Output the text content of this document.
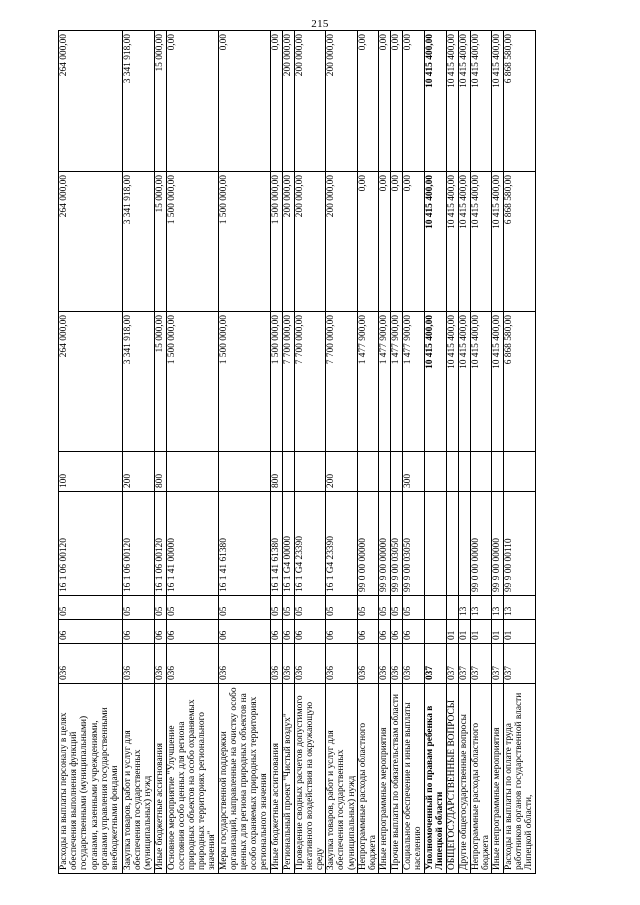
215
Расходы на выплаты персоналу в целях обеспечения выполнения функций государственными (муниципальными) органами, казенными учреждениями, органами управления государственными внебюджетными фондами	036	06	05	16 1 06 00120	100	264 000,00	264 000,00	264 000,00
Закупка товаров, работ и услуг для обеспечения государственных (муниципальных) нужд	036	06	05	16 1 06 00120	200	3 341 918,00	3 341 918,00	3 341 918,00
Иные бюджетные ассигнования	036	06	05	16 1 06 00120	800	15 000,00	15 000,00	15 000,00
Основное мероприятие "Улучшение состояния особо ценных для региона природных объектов на особо охраняемых природных территориях регионального значения"	036	06	05	16 1 41 00000		1 500 000,00	1 500 000,00	0,00
Меры государственной поддержки организаций, направленные на очистку особо ценных для региона природных объектов на особо охраняемых природных территориях регионального значения	036	06	05	16 1 41 61380		1 500 000,00	1 500 000,00	0,00
Иные бюджетные ассигнования	036	06	05	16 1 41 61380	800	1 500 000,00	1 500 000,00	0,00
Региональный проект "Чистый воздух"	036	06	05	16 1 G4 00000		7 700 000,00	200 000,00	200 000,00
Проведение сводных расчетов допустимого негативного воздействия на окружающую среду	036	06	05	16 1 G4 23390		7 700 000,00	200 000,00	200 000,00
Закупка товаров, работ и услуг для обеспечения государственных (муниципальных) нужд	036	06	05	16 1 G4 23390	200	7 700 000,00	200 000,00	200 000,00
Непрограммные расходы областного бюджета	036	06	05	99 0 00 00000		1 477 900,00	0,00	0,00
Иные непрограммные мероприятия	036	06	05	99 9 00 00000		1 477 900,00	0,00	0,00
Прочие выплаты по обязательствам области	036	06	05	99 9 00 03050		1 477 900,00	0,00	0,00
Социальное обеспечение и иные выплаты населению	036	06	05	99 9 00 03050	300	1 477 900,00	0,00	0,00
Уполномоченный по правам ребенка в Липецкой области	037					10 415 400,00	10 415 400,00	10 415 400,00
ОБЩЕГОСУДАРСТВЕННЫЕ ВОПРОСЫ	037	01				10 415 400,00	10 415 400,00	10 415 400,00
Другие общегосударственные вопросы	037	01	13			10 415 400,00	10 415 400,00	10 415 400,00
Непрограммные расходы областного бюджета	037	01	13	99 0 00 00000		10 415 400,00	10 415 400,00	10 415 400,00
Иные непрограммные мероприятия	037	01	13	99 9 00 00000		10 415 400,00	10 415 400,00	10 415 400,00
Расходы на выплаты по оплате труда работников органов государственной власти Липецкой области,	037	01	13	99 9 00 00110		6 868 580,00	6 868 580,00	6 868 580,00
